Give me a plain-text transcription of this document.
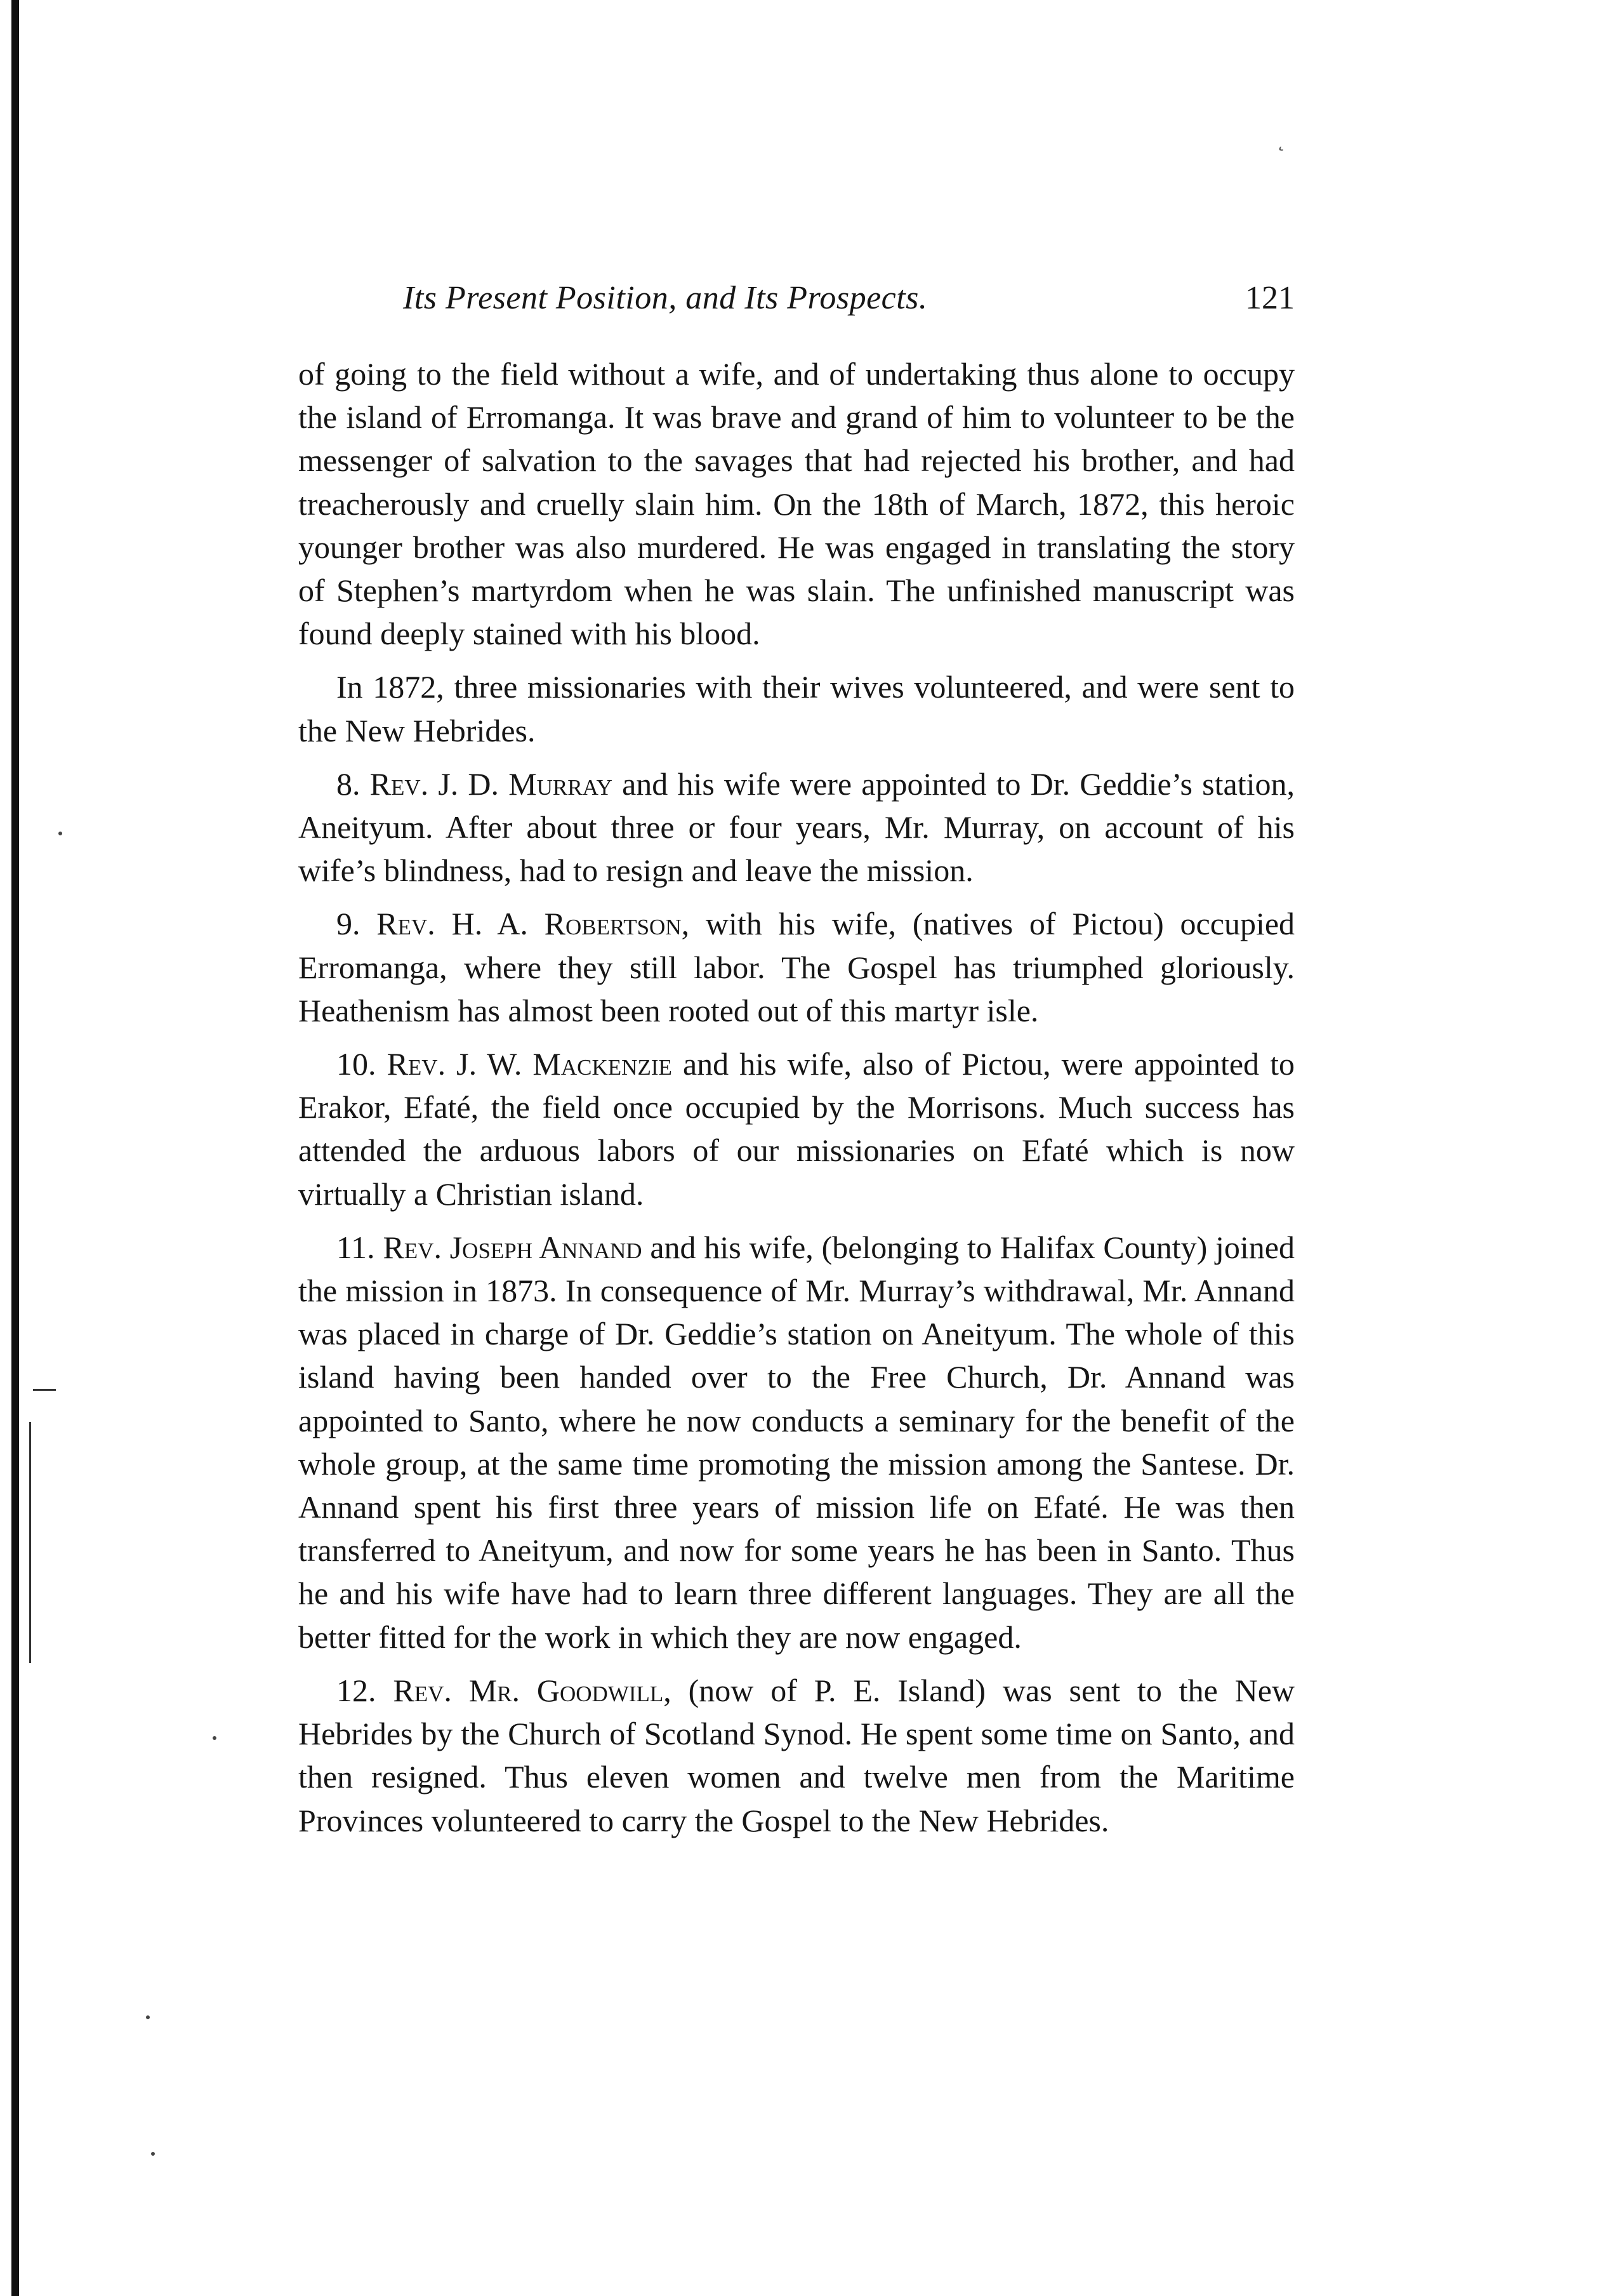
˛
Its Present Position, and Its Prospects.	121

of going to the field without a wife, and of undertaking thus alone to occupy the island of Erromanga. It was brave and grand of him to volunteer to be the messenger of salvation to the savages that had rejected his brother, and had treacherously and cruelly slain him. On the 18th of March, 1872, this heroic younger brother was also murdered. He was engaged in translating the story of Stephen’s martyrdom when he was slain. The unfinished manuscript was found deeply stained with his blood.

In 1872, three missionaries with their wives volunteered, and were sent to the New Hebrides.

8. Rev. J. D. Murray and his wife were appointed to Dr. Geddie’s station, Aneityum. After about three or four years, Mr. Murray, on account of his wife’s blindness, had to resign and leave the mission.

9. Rev. H. A. Robertson, with his wife, (natives of Pictou) occupied Erromanga, where they still labor. The Gospel has triumphed gloriously. Heathenism has almost been rooted out of this martyr isle.

10. Rev. J. W. Mackenzie and his wife, also of Pictou, were appointed to Erakor, Efaté, the field once occupied by the Morrisons. Much success has attended the arduous labors of our missionaries on Efaté which is now virtually a Christian island.

11. Rev. Joseph Annand and his wife, (belonging to Halifax County) joined the mission in 1873. In consequence of Mr. Murray’s withdrawal, Mr. Annand was placed in charge of Dr. Geddie’s station on Aneityum. The whole of this island having been handed over to the Free Church, Dr. Annand was appointed to Santo, where he now conducts a seminary for the benefit of the whole group, at the same time promoting the mission among the Santese. Dr. Annand spent his first three years of mission life on Efaté. He was then transferred to Aneityum, and now for some years he has been in Santo. Thus he and his wife have had to learn three different languages. They are all the better fitted for the work in which they are now engaged.

12. Rev. Mr. Goodwill, (now of P. E. Island) was sent to the New Hebrides by the Church of Scotland Synod. He spent some time on Santo, and then resigned. Thus eleven women and twelve men from the Maritime Provinces volunteered to carry the Gospel to the New Hebrides.
